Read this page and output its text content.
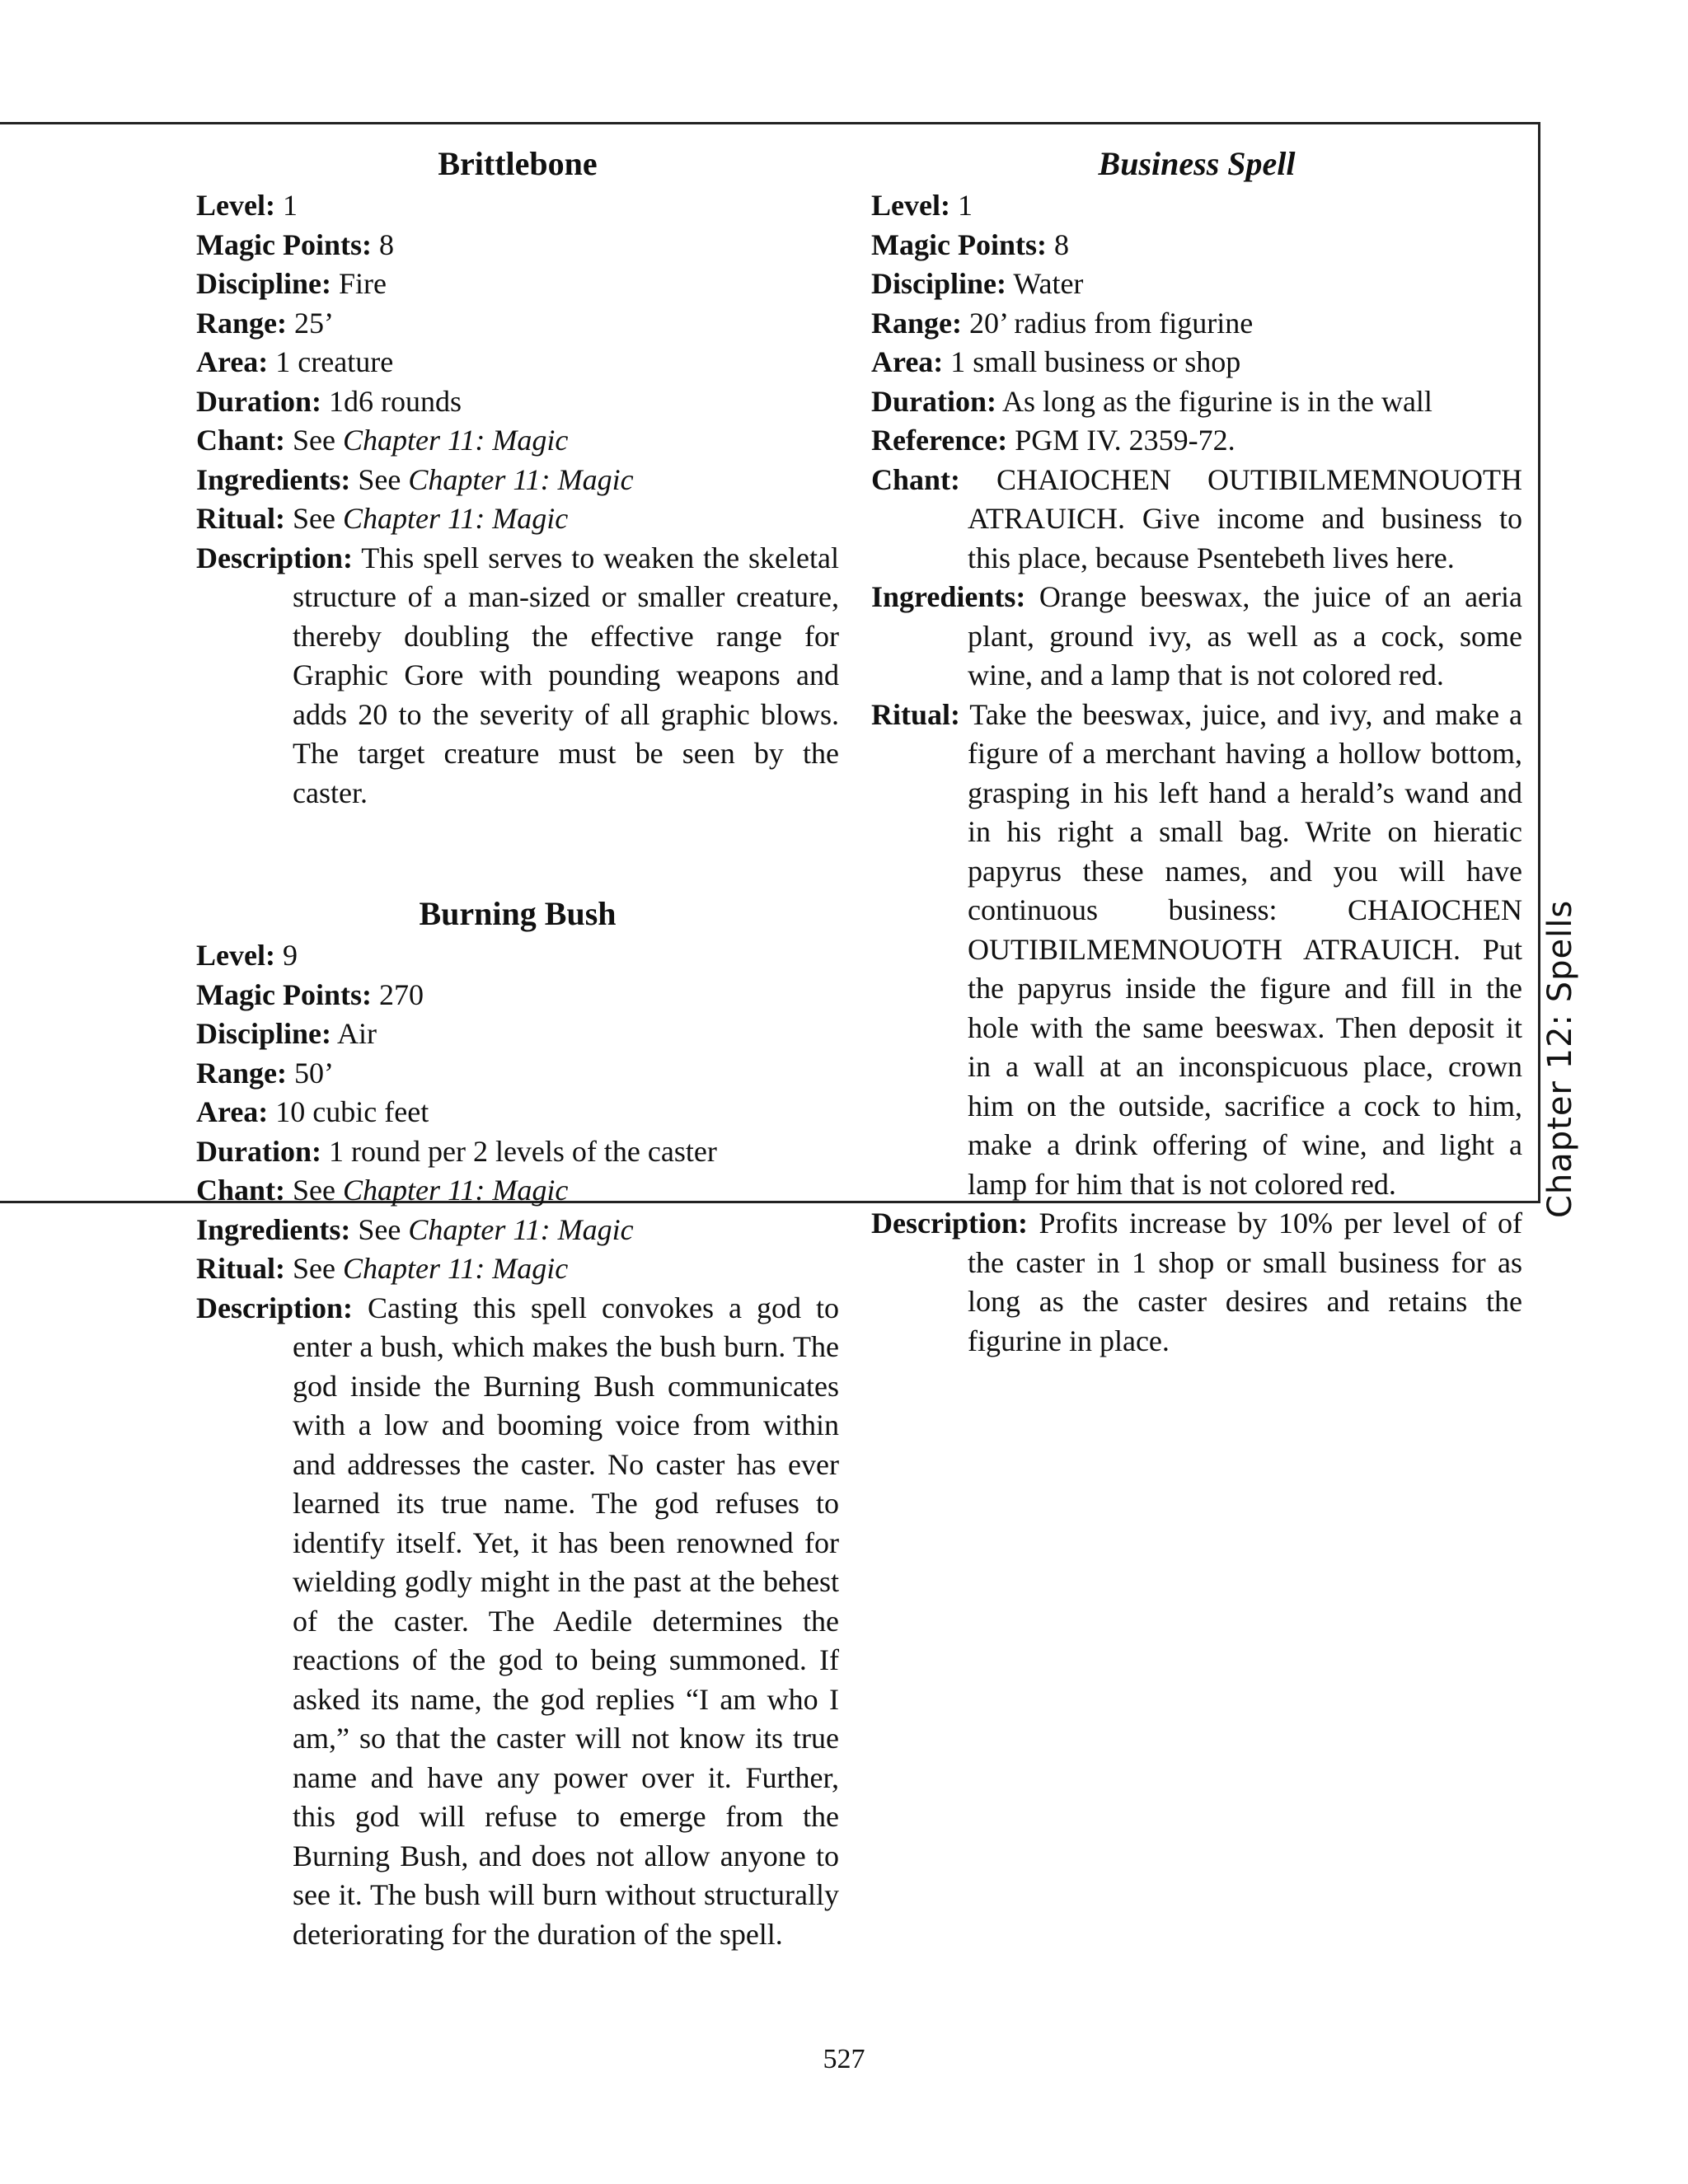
Brittlebone

Level: 1

Magic Points: 8

Discipline: Fire

Range: 25’

Area: 1 creature

Duration: 1d6 rounds

Chant: See Chapter 11: Magic

Ingredients: See Chapter 11: Magic

Ritual: See Chapter 11: Magic

Description: This spell serves to weaken the skeletal structure of a man-sized or smaller creature, thereby doubling the effective range for Graphic Gore with pounding weapons and adds 20 to the severity of all graphic blows. The target creature must be seen by the caster.

Burning Bush

Level: 9

Magic Points: 270

Discipline: Air

Range: 50’

Area: 10 cubic feet

Duration: 1 round per 2 levels of the caster

Chant: See Chapter 11: Magic

Ingredients: See Chapter 11: Magic

Ritual: See Chapter 11: Magic

Description: Casting this spell convokes a god to enter a bush, which makes the bush burn. The god inside the Burning Bush communicates with a low and booming voice from within and addresses the caster. No caster has ever learned its true name. The god refuses to identify itself. Yet, it has been renowned for wielding godly might in the past at the behest of the caster. The Aedile determines the reactions of the god to being summoned. If asked its name, the god replies “I am who I am,” so that the caster will not know its true name and have any power over it. Further, this god will refuse to emerge from the Burning Bush, and does not allow anyone to see it. The bush will burn without structurally deteriorating for the duration of the spell.

Business Spell

Level: 1

Magic Points: 8

Discipline: Water

Range: 20’ radius from figurine

Area: 1 small business or shop

Duration: As long as the figurine is in the wall

Reference: PGM IV. 2359-72.

Chant: CHAIOCHEN OUTIBILMEMNOUOTH ATRAUICH. Give income and business to this place, because Psentebeth lives here.

Ingredients: Orange beeswax, the juice of an aeria plant, ground ivy, as well as a cock, some wine, and a lamp that is not colored red.

Ritual: Take the beeswax, juice, and ivy, and make a figure of a merchant having a hollow bottom, grasping in his left hand a herald’s wand and in his right a small bag. Write on hieratic papyrus these names, and you will have continuous business: CHAIOCHEN OUTIBILMEMNOUOTH ATRAUICH. Put the papyrus inside the figure and fill in the hole with the same beeswax. Then deposit it in a wall at an inconspicuous place, crown him on the outside, sacrifice a cock to him, make a drink offering of wine, and light a lamp for him that is not colored red.

Description: Profits increase by 10% per level of of the caster in 1 shop or small business for as long as the caster desires and retains the figurine in place.

Chapter 12: Spells
527
